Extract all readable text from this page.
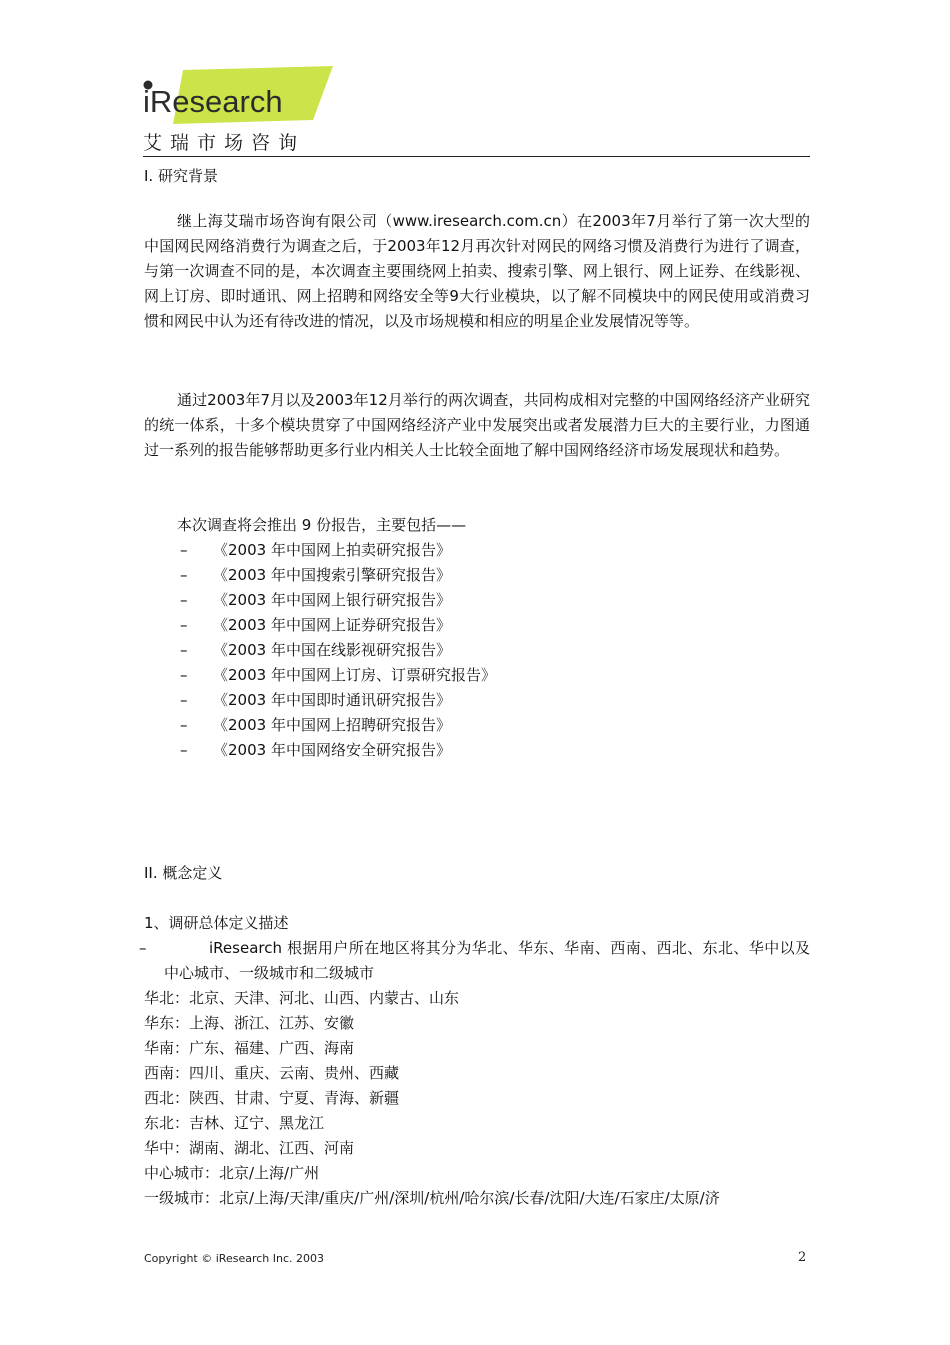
iResearch
艾瑞市场咨询
I. 研究背景

继上海艾瑞市场咨询有限公司（www.iresearch.com.cn）在2003年7月举行了第一次大型的中国网民网络消费行为调查之后，于2003年12月再次针对网民的网络习惯及消费行为进行了调查，与第一次调查不同的是，本次调查主要围绕网上拍卖、搜索引擎、网上银行、网上证券、在线影视、网上订房、即时通讯、网上招聘和网络安全等9大行业模块，以了解不同模块中的网民使用或消费习惯和网民中认为还有待改进的情况，以及市场规模和相应的明星企业发展情况等等。

通过2003年7月以及2003年12月举行的两次调查，共同构成相对完整的中国网络经济产业研究的统一体系，十多个模块贯穿了中国网络经济产业中发展突出或者发展潜力巨大的主要行业，力图通过一系列的报告能够帮助更多行业内相关人士比较全面地了解中国网络经济市场发展现状和趋势。

本次调查将会推出 9 份报告，主要包括——
– 《2003 年中国网上拍卖研究报告》
– 《2003 年中国搜索引擎研究报告》
– 《2003 年中国网上银行研究报告》
– 《2003 年中国网上证券研究报告》
– 《2003 年中国在线影视研究报告》
– 《2003 年中国网上订房、订票研究报告》
– 《2003 年中国即时通讯研究报告》
– 《2003 年中国网上招聘研究报告》
– 《2003 年中国网络安全研究报告》
II. 概念定义
1、调研总体定义描述
–	iResearch 根据用户所在地区将其分为华北、华东、华南、西南、西北、东北、华中以及中心城市、一级城市和二级城市
华北：北京、天津、河北、山西、内蒙古、山东
华东：上海、浙江、江苏、安徽
华南：广东、福建、广西、海南
西南：四川、重庆、云南、贵州、西藏
西北：陕西、甘肃、宁夏、青海、新疆
东北：吉林、辽宁、黑龙江
华中：湖南、湖北、江西、河南
中心城市：北京/上海/广州
一级城市：北京/上海/天津/重庆/广州/深圳/杭州/哈尔滨/长春/沈阳/大连/石家庄/太原/济
Copyright © iResearch Inc. 2003	2
